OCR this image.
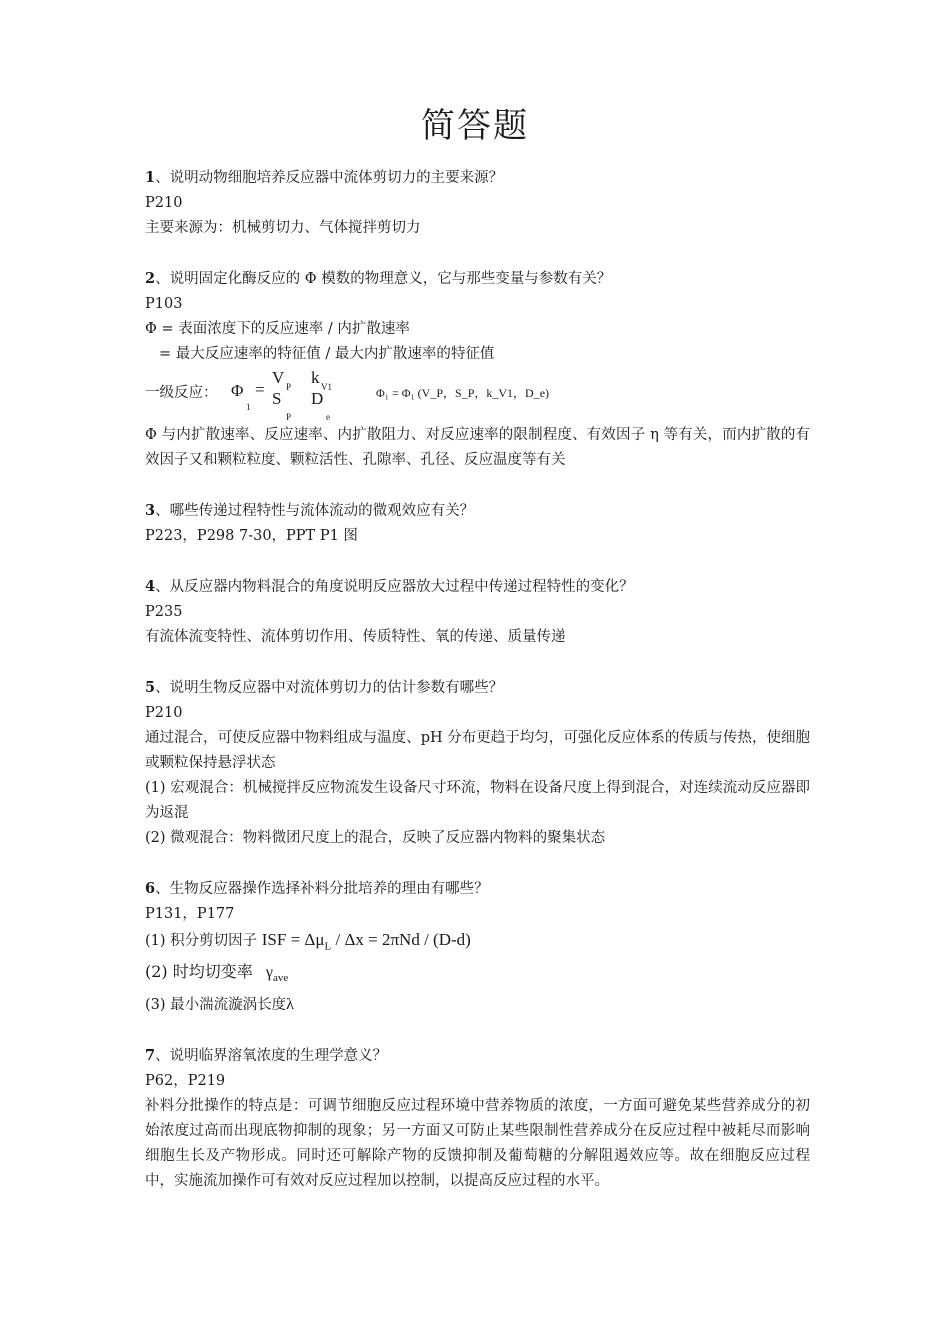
简答题
1、说明动物细胞培养反应器中流体剪切力的主要来源？
P210
主要来源为：机械剪切力、气体搅拌剪切力
2、说明固定化酶反应的 Φ 模数的物理意义，它与那些变量与参数有关？
P103
Φ = 表面浓度下的反应速率 / 内扩散速率
= 最大反应速率的特征值 / 最大内扩散速率的特征值
一级反应： Φ
1
=
V P
S
P
k V1
D
e
Φ₁ = Φ₁ (V_P，S_P，k_V1，D_e)
Φ 与内扩散速率、反应速率、内扩散阻力、对反应速率的限制程度、有效因子 η 等有关，而内扩散的有效因子又和颗粒粒度、颗粒活性、孔隙率、孔径、反应温度等有关
3、哪些传递过程特性与流体流动的微观效应有关？
P223，P298 7-30，PPT P1 图
4、从反应器内物料混合的角度说明反应器放大过程中传递过程特性的变化？
P235
有流体流变特性、流体剪切作用、传质特性、氧的传递、质量传递
5、说明生物反应器中对流体剪切力的估计参数有哪些？
P210
通过混合，可使反应器中物料组成与温度、pH 分布更趋于均匀，可强化反应体系的传质与传热，使细胞或颗粒保持悬浮状态
(1) 宏观混合：机械搅拌反应物流发生设备尺寸环流，物料在设备尺度上得到混合，对连续流动反应器即为返混
(2) 微观混合：物料微团尺度上的混合，反映了反应器内物料的聚集状态
6、生物反应器操作选择补料分批培养的理由有哪些？
P131，P177
(1) 积分剪切因子 ISF = $\Delta\mu_L / \Delta x = 2\pi Nd / (D-d)$
(2) 时均切变率 $\gamma_{ave}$
(3) 最小湍流漩涡长度λ
7、说明临界溶氧浓度的生理学意义？
P62，P219
补料分批操作的特点是：可调节细胞反应过程环境中营养物质的浓度，一方面可避免某些营养成分的初始浓度过高而出现底物抑制的现象；另一方面又可防止某些限制性营养成分在反应过程中被耗尽而影响细胞生长及产物形成。同时还可解除产物的反馈抑制及葡萄糖的分解阻遏效应等。故在细胞反应过程中，实施流加操作可有效对反应过程加以控制，以提高反应过程的水平。
